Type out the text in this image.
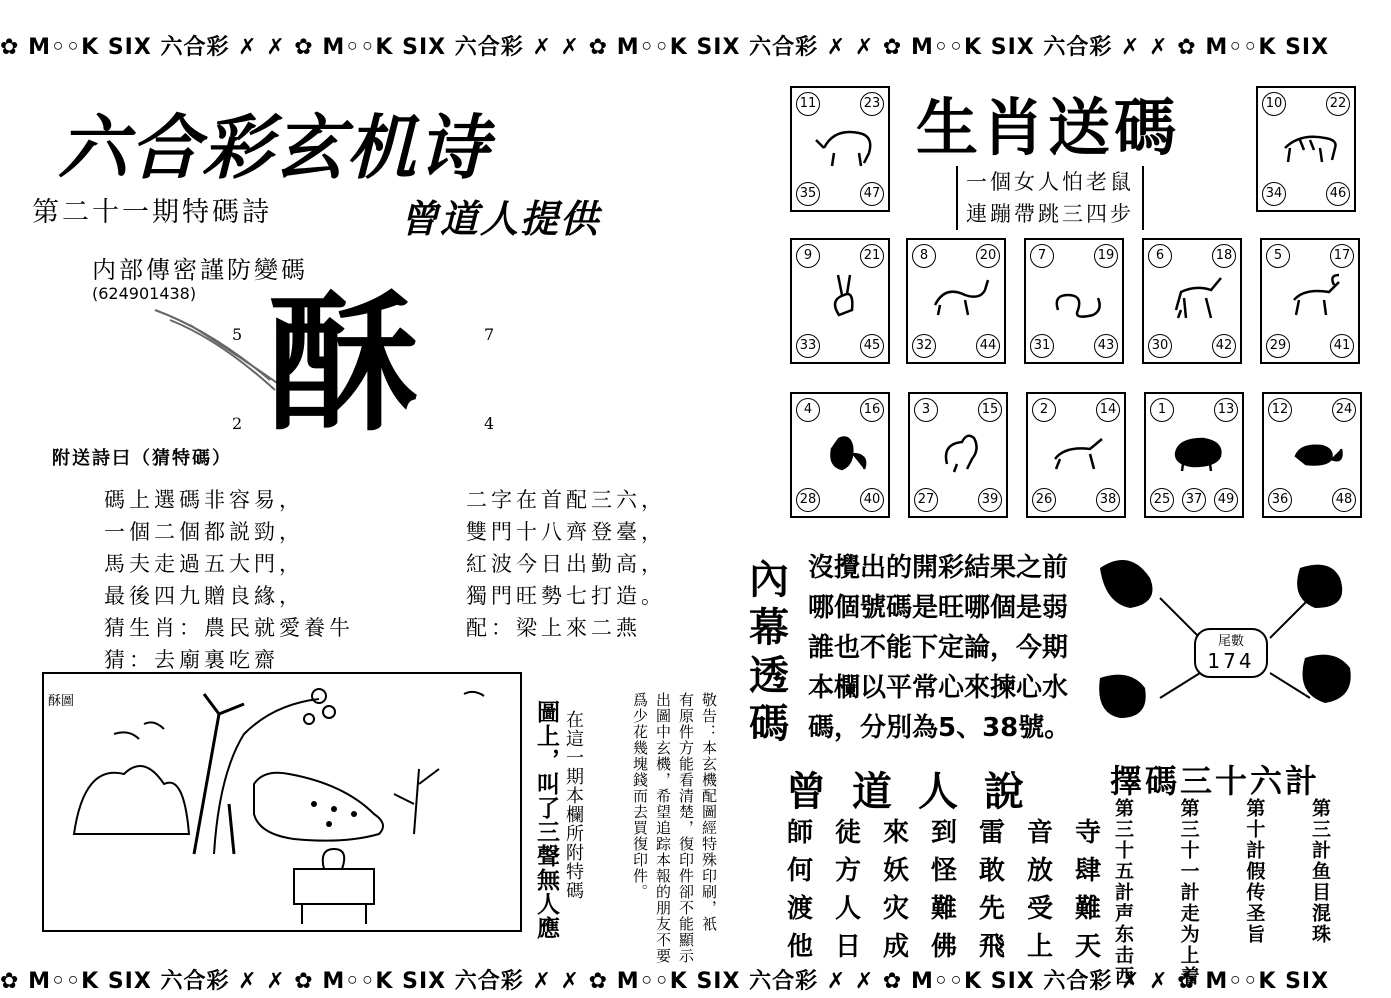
✿ M◦◦K SIX 六合彩 ✗ ✗ ✿ M◦◦K SIX 六合彩 ✗ ✗ ✿ M◦◦K SIX 六合彩 ✗ ✗ ✿ M◦◦K SIX 六合彩 ✗ ✗ ✿ M◦◦K SIX
✿ M◦◦K SIX 六合彩 ✗ ✗ ✿ M◦◦K SIX 六合彩 ✗ ✗ ✿ M◦◦K SIX 六合彩 ✗ ✗ ✿ M◦◦K SIX 六合彩 ✗ ✗ ✿ M◦◦K SIX
六合彩玄机诗
第二十一期特碼詩	曾道人提供
内部傳密謹防變碼
(624901438) 酥
5	7
2	4
附送詩曰（猜特碼）
碼上選碼非容易，
一個二個都説勁，
馬夫走過五大門，
最後四九贈良緣，
猜生肖：農民就愛養牛
猜：去廟裏吃齋
二字在首配三六，
雙門十八齊登臺，
紅波今日出勤高，
獨門旺勢七打造。
配：梁上來二燕
酥圖
在這一期本欄所附特碼
圖上，叫了三聲無人應	敬告：本玄機配圖經特殊印刷，衹
有原件方能看清楚，復印件卻不能顯示
出圖中玄機，希望追踪本報的朋友不要
爲少花幾塊錢而去買復印件。
生肖送碼
一個女人怕老鼠
連蹦帶跳三四步
11	23
35	47
10	22
34	46
9	21
33	45
8	20
32	44
7	19
31	43
6	18
30	42
5	17
29	41
4	16
28	40
3	15
27	39
2	14
26	38
1	13
25 37 49
12	24
36	48
內幕透碼
沒攪出的開彩結果之前
哪個號碼是旺哪個是弱
誰也不能下定論，今期
本欄以平常心來揀心水
碼，分別為5、38號。
尾數
174
曾道人說
師 徒 來 到 雷 音 寺
何 方 妖 怪 敢 放 肆
渡 人 灾 難 先 受 難
他 日 成 佛 飛 上 天
擇碼三十六計
第三計鱼目混珠
第十計假传圣旨
第三十一計走为上着
第三十五計声东击西
